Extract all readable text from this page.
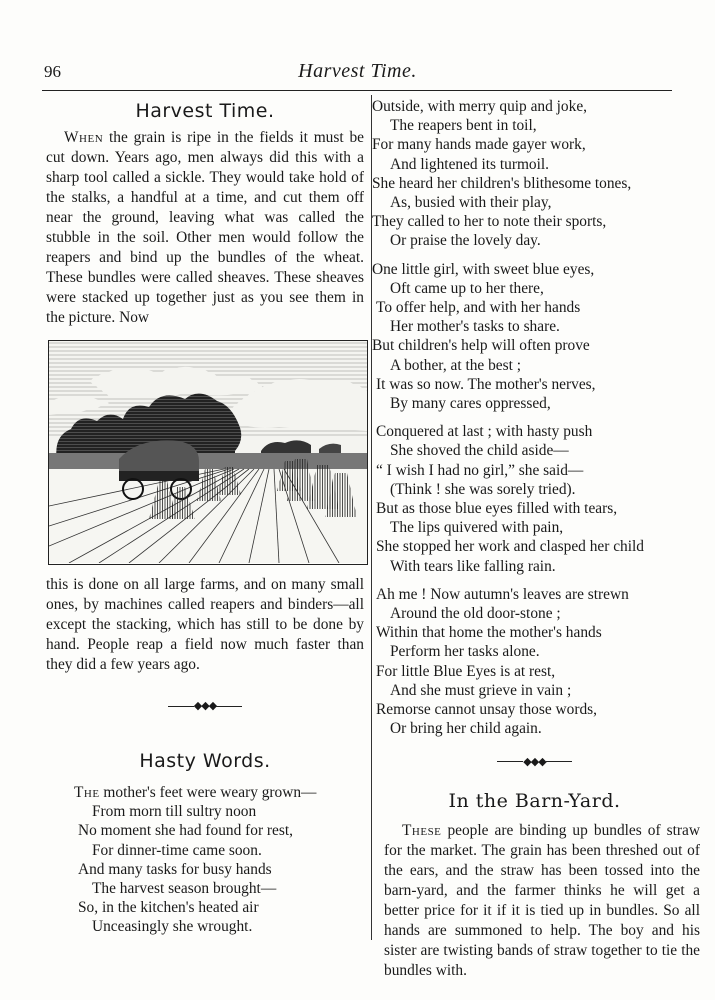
96	Harvest Time.
Harvest Time.

When the grain is ripe in the fields it must be cut down. Years ago, men always did this with a sharp tool called a sickle. They would take hold of the stalks, a handful at a time, and cut them off near the ground, leaving what was called the stubble in the soil. Other men would follow the reapers and bind up the bundles of the wheat. These bundles were called sheaves. These sheaves were stacked up together just as you see them in the picture. Now

this is done on all large farms, and on many small ones, by machines called reapers and binders—all except the stacking, which has still to be done by hand. People reap a field now much faster than they did a few years ago.

◆◆◆
Hasty Words.
The mother's feet were weary grown—
From morn till sultry noon
No moment she had found for rest,
For dinner-time came soon.
And many tasks for busy hands
The harvest season brought—
So, in the kitchen's heated air
Unceasingly she wrought.
Outside, with merry quip and joke,
The reapers bent in toil,
For many hands made gayer work,
And lightened its turmoil.
She heard her children's blithesome tones,
As, busied with their play,
They called to her to note their sports,
Or praise the lovely day.
One little girl, with sweet blue eyes,
Oft came up to her there,
To offer help, and with her hands
Her mother's tasks to share.
But children's help will often prove
A bother, at the best ;
It was so now. The mother's nerves,
By many cares oppressed,
Conquered at last ; with hasty push
She shoved the child aside—
“ I wish I had no girl,” she said—
(Think ! she was sorely tried).
But as those blue eyes filled with tears,
The lips quivered with pain,
She stopped her work and clasped her child
With tears like falling rain.
Ah me ! Now autumn's leaves are strewn
Around the old door-stone ;
Within that home the mother's hands
Perform her tasks alone.
For little Blue Eyes is at rest,
And she must grieve in vain ;
Remorse cannot unsay those words,
Or bring her child again.
◆◆◆
In the Barn-Yard.

These people are binding up bundles of straw for the market. The grain has been threshed out of the ears, and the straw has been tossed into the barn-yard, and the farmer thinks he will get a better price for it if it is tied up in bundles. So all hands are summoned to help. The boy and his sister are twisting bands of straw together to tie the bundles with.
